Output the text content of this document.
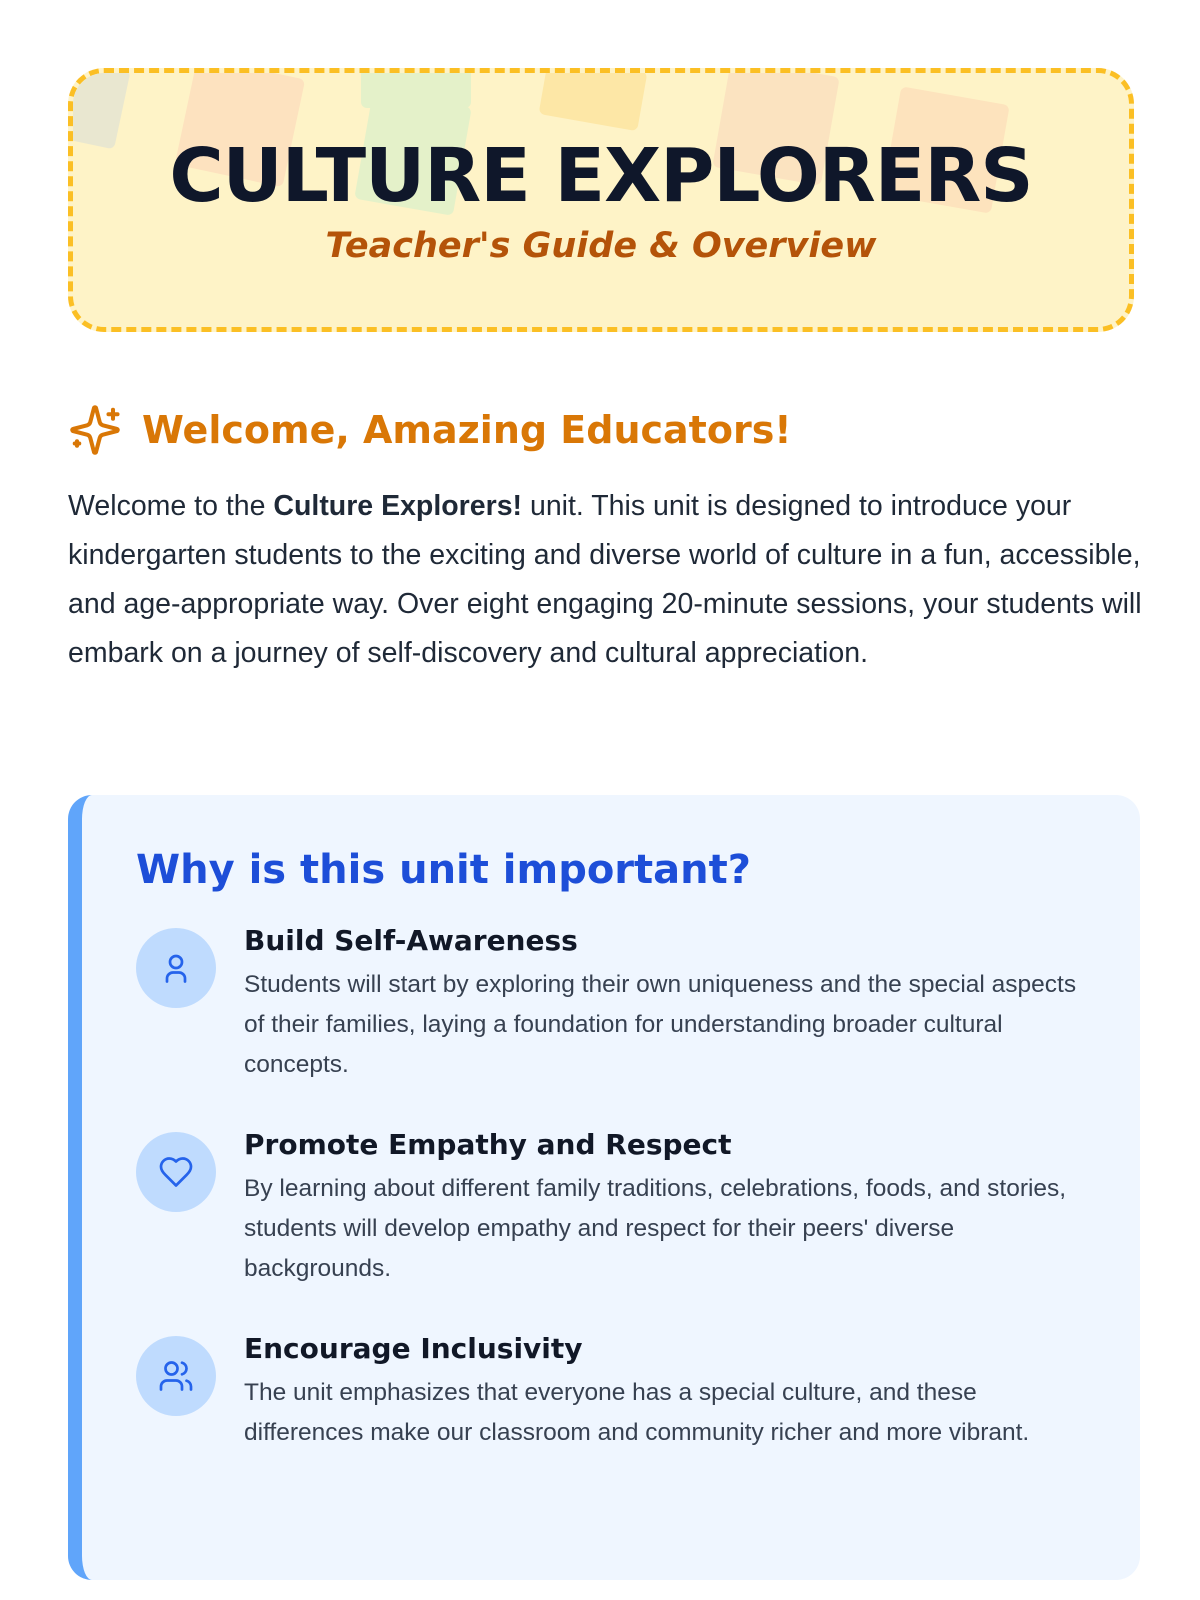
CULTURE EXPLORERS
Teacher's Guide & Overview
Welcome, Amazing Educators!

Welcome to the Culture Explorers! unit. This unit is designed to introduce your kindergarten students to the exciting and diverse world of culture in a fun, accessible, and age-appropriate way. Over eight engaging 20-minute sessions, your students will embark on a journey of self-discovery and cultural appreciation.

Why is this unit important?
Build Self-Awareness

Students will start by exploring their own uniqueness and the special aspects of their families, laying a foundation for understanding broader cultural concepts.

Promote Empathy and Respect

By learning about different family traditions, celebrations, foods, and stories, students will develop empathy and respect for their peers' diverse backgrounds.

Encourage Inclusivity

The unit emphasizes that everyone has a special culture, and these differences make our classroom and community richer and more vibrant.
